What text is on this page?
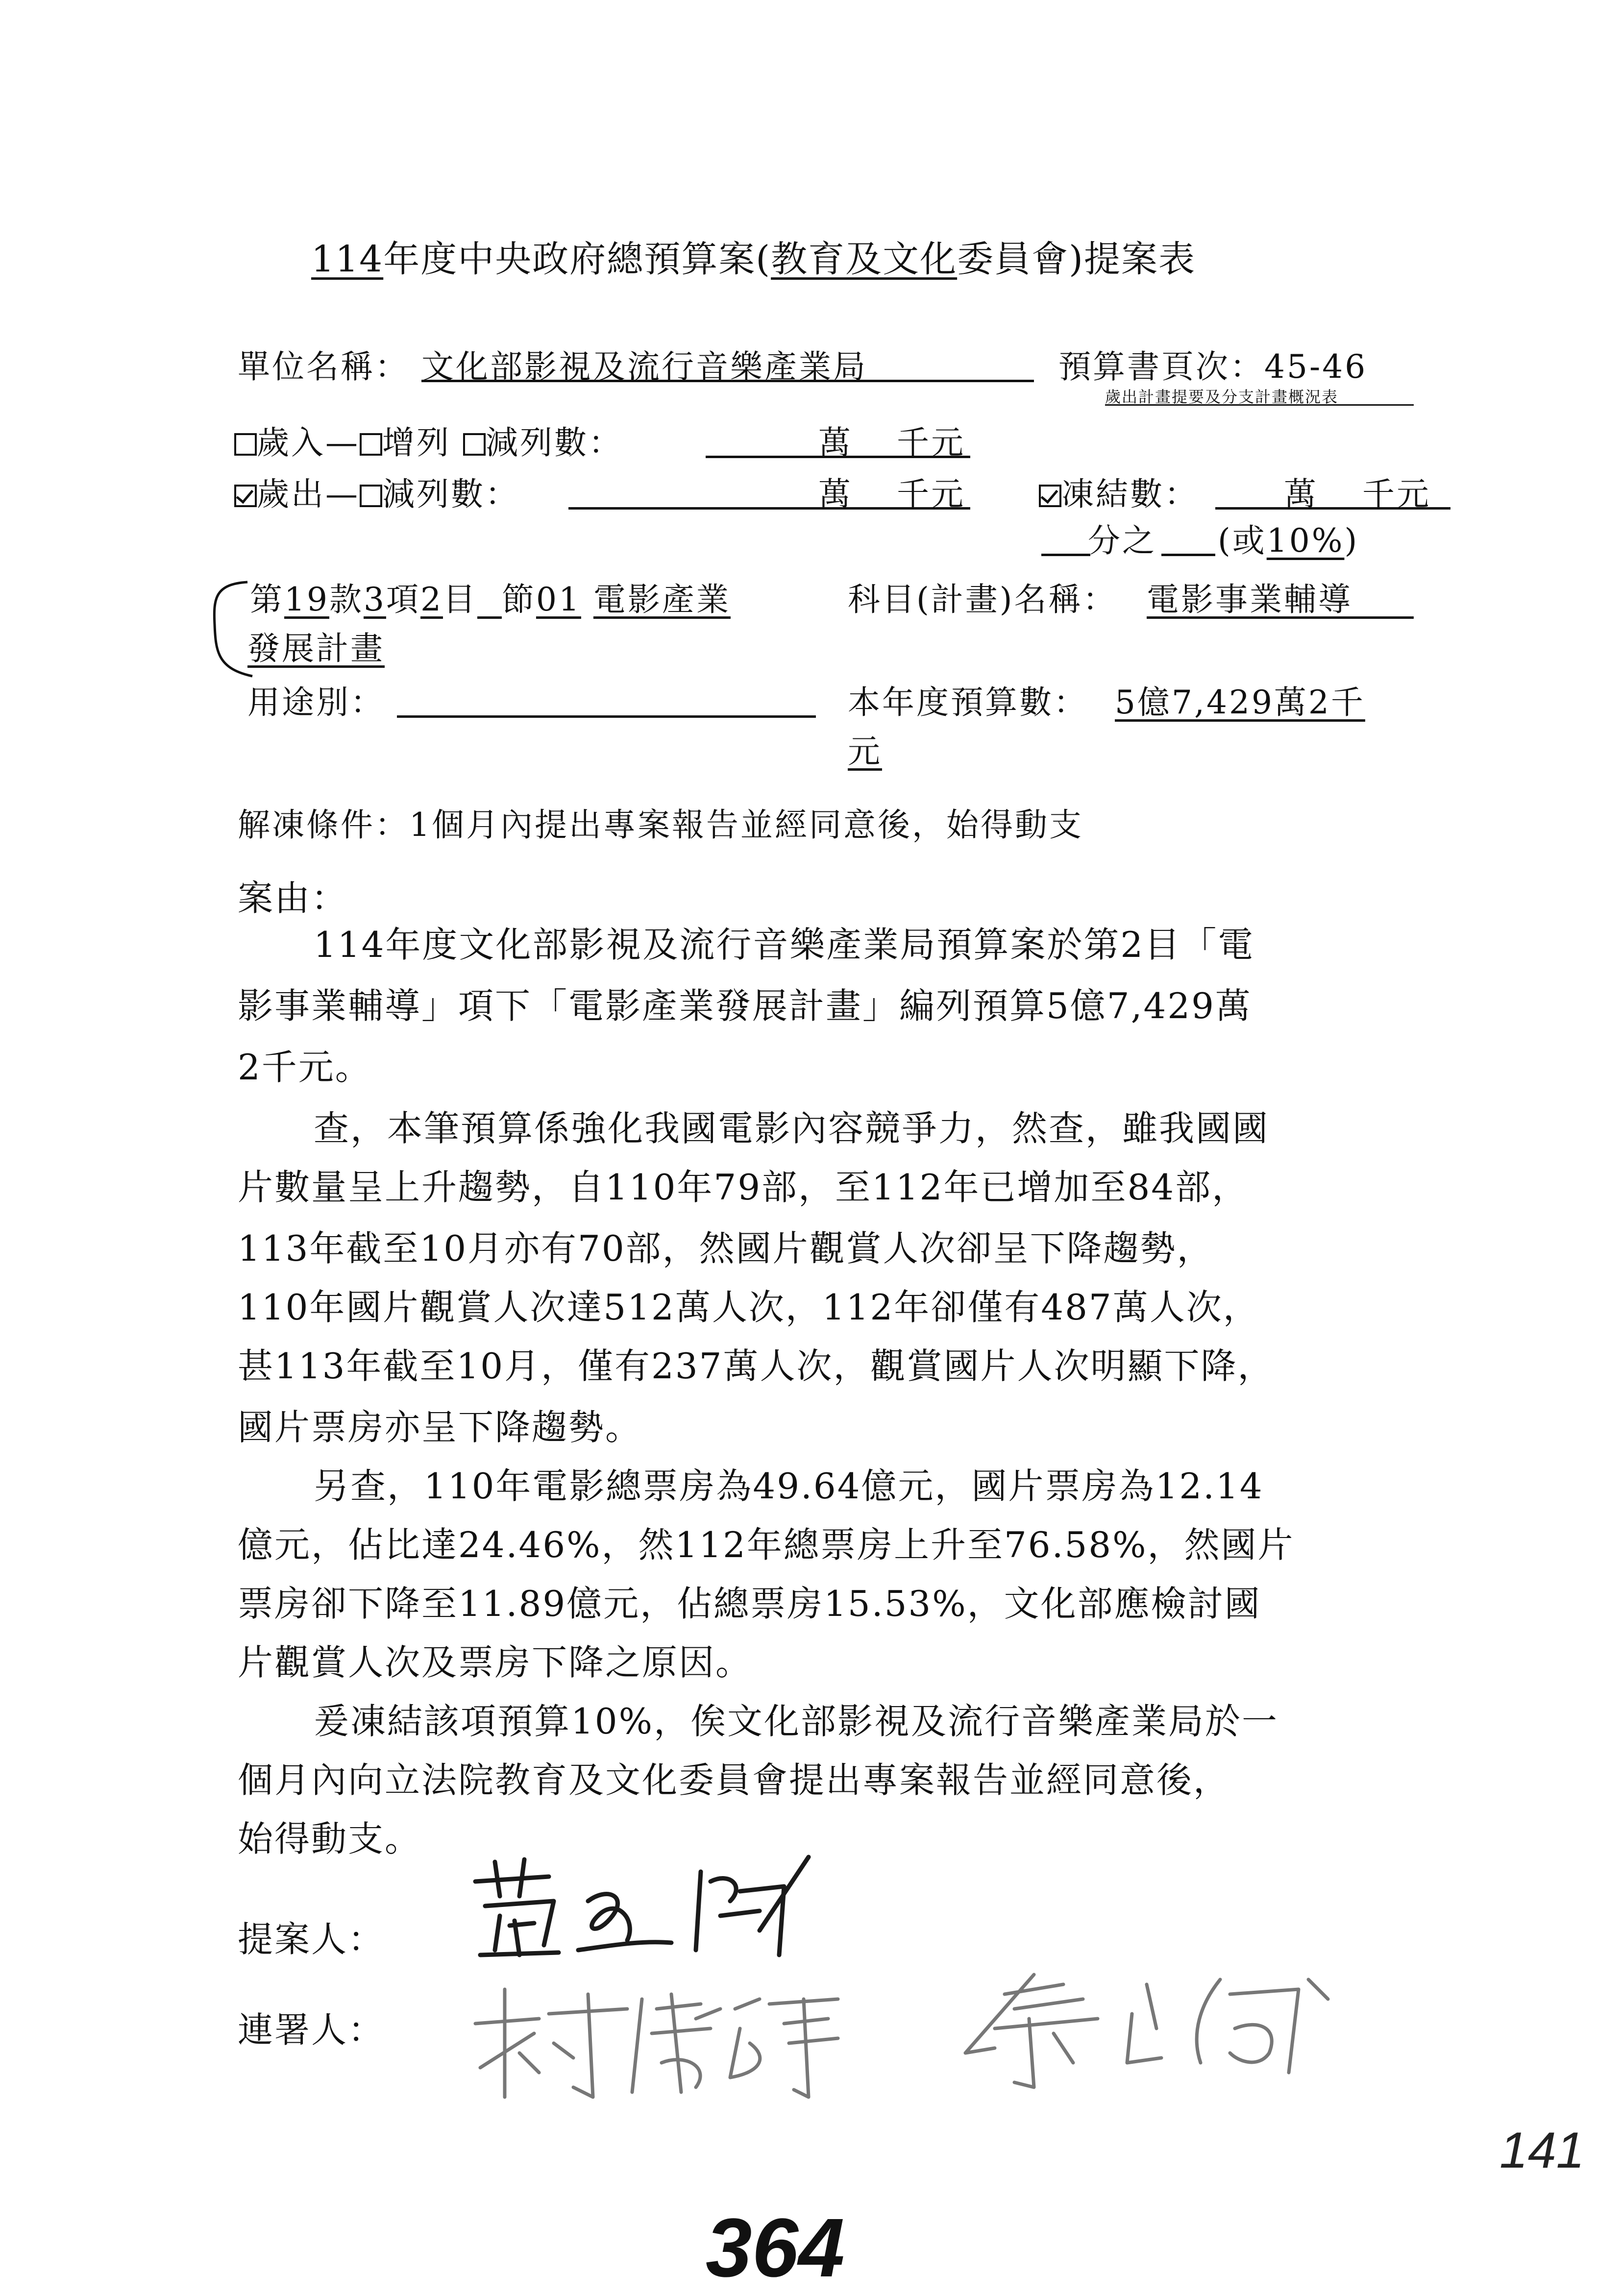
114年度中央政府總預算案(教育及文化委員會)提案表
單位名稱： 文化部影視及流行音樂產業局	預算書頁次：45-46
歲出計畫提要及分支計畫概況表
歲入— 增列 減列數：	萬 千元
歲出— 減列數：	萬 千元	凍結數：	萬 千元
分之 (或10%)
第19款3項2目 節01 電影產業
發展計畫
科目(計畫)名稱： 電影事業輔導
用途別：	本年度預算數： 5億7,429萬2千
元
解凍條件：1個月內提出專案報告並經同意後，始得動支
案由：
114年度文化部影視及流行音樂產業局預算案於第2目「電
影事業輔導」項下「電影產業發展計畫」編列預算5億7,429萬
2千元。
查，本筆預算係強化我國電影內容競爭力，然查，雖我國國
片數量呈上升趨勢，自110年79部，至112年已增加至84部，
113年截至10月亦有70部，然國片觀賞人次卻呈下降趨勢，
110年國片觀賞人次達512萬人次，112年卻僅有487萬人次，
甚113年截至10月，僅有237萬人次，觀賞國片人次明顯下降，
國片票房亦呈下降趨勢。
另查，110年電影總票房為49.64億元，國片票房為12.14
億元，佔比達24.46%，然112年總票房上升至76.58%，然國片
票房卻下降至11.89億元，佔總票房15.53%，文化部應檢討國
片觀賞人次及票房下降之原因。
爰凍結該項預算10%，俟文化部影視及流行音樂產業局於一
個月內向立法院教育及文化委員會提出專案報告並經同意後，
始得動支。
提案人：
連署人：
141
364
